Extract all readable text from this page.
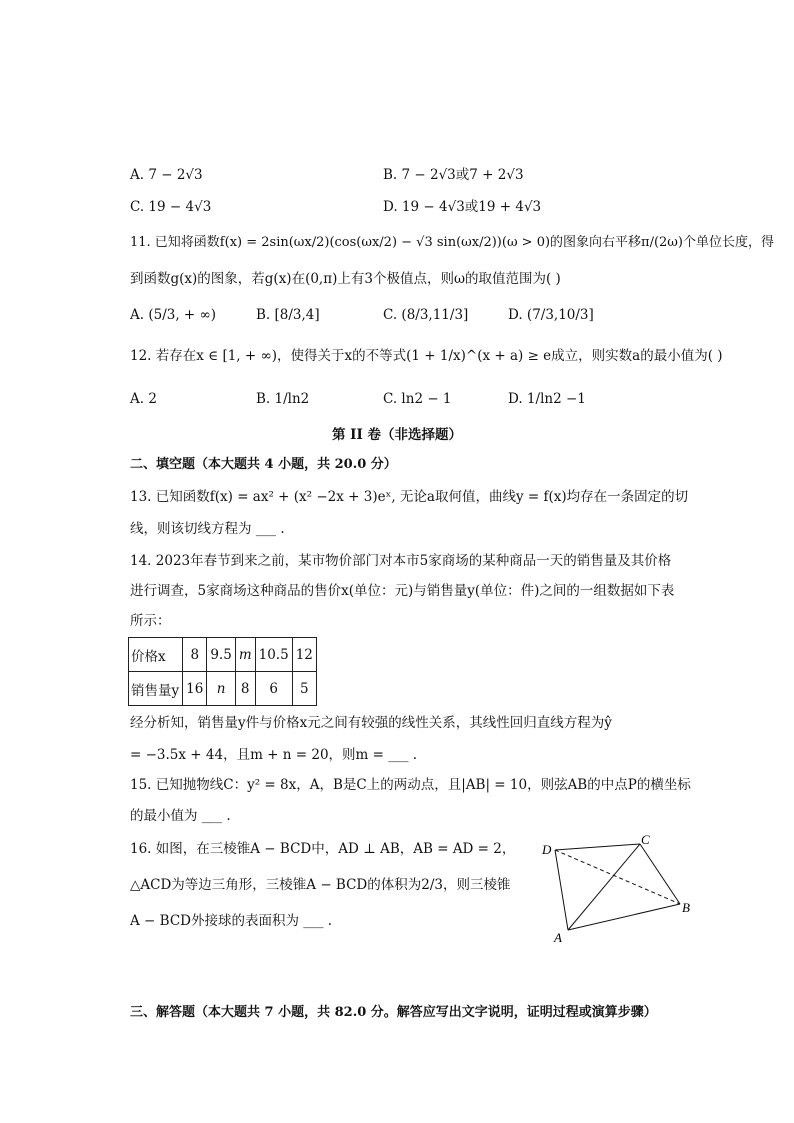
A. 7 − 2√3	B. 7 − 2√3或7 + 2√3
C. 19 − 4√3	D. 19 − 4√3或19 + 4√3
11. 已知将函数f(x) = 2sin(ωx/2)(cos(ωx/2) − √3 sin(ωx/2))(ω > 0)的图象向右平移π/(2ω)个单位长度，得
到函数g(x)的图象，若g(x)在(0,π)上有3个极值点，则ω的取值范围为( )
A. (5/3, + ∞)	B. [8/3,4]	C. (8/3,11/3]	D. (7/3,10/3]
12. 若存在x ∈ [1, + ∞)，使得关于x的不等式(1 + 1/x)^(x + a) ≥ e成立，则实数a的最小值为( )
A. 2	B. 1/ln2	C. ln2 − 1	D. 1/ln2 −1
第 II 卷（非选择题）
二、填空题（本大题共 4 小题，共 20.0 分）
13. 已知函数f(x) = ax² + (x² −2x + 3)eˣ, 无论a取何值，曲线y = f(x)均存在一条固定的切
线，则该切线方程为 ___ .
14. 2023年春节到来之前，某市物价部门对本市5家商场的某种商品一天的销售量及其价格
进行调查，5家商场这种商品的售价x(单位：元)与销售量y(单位：件)之间的一组数据如下表
所示：
价格x	8	9.5	m	10.5	12
销售量y	16	n	8	6	5
经分析知，销售量y件与价格x元之间有较强的线性关系，其线性回归直线方程为ŷ
= −3.5x + 44，且m + n = 20，则m = ___ .
15. 已知抛物线C：y² = 8x，A，B是C上的两动点，且|AB| = 10，则弦AB的中点P的横坐标
的最小值为 ___ .
16. 如图，在三棱锥A − BCD中，AD ⊥ AB，AB = AD = 2，
△ACD为等边三角形，三棱锥A − BCD的体积为2/3，则三棱锥
A − BCD外接球的表面积为 ___ .
D
C
B
A
三、解答题（本大题共 7 小题，共 82.0 分。解答应写出文字说明，证明过程或演算步骤）
